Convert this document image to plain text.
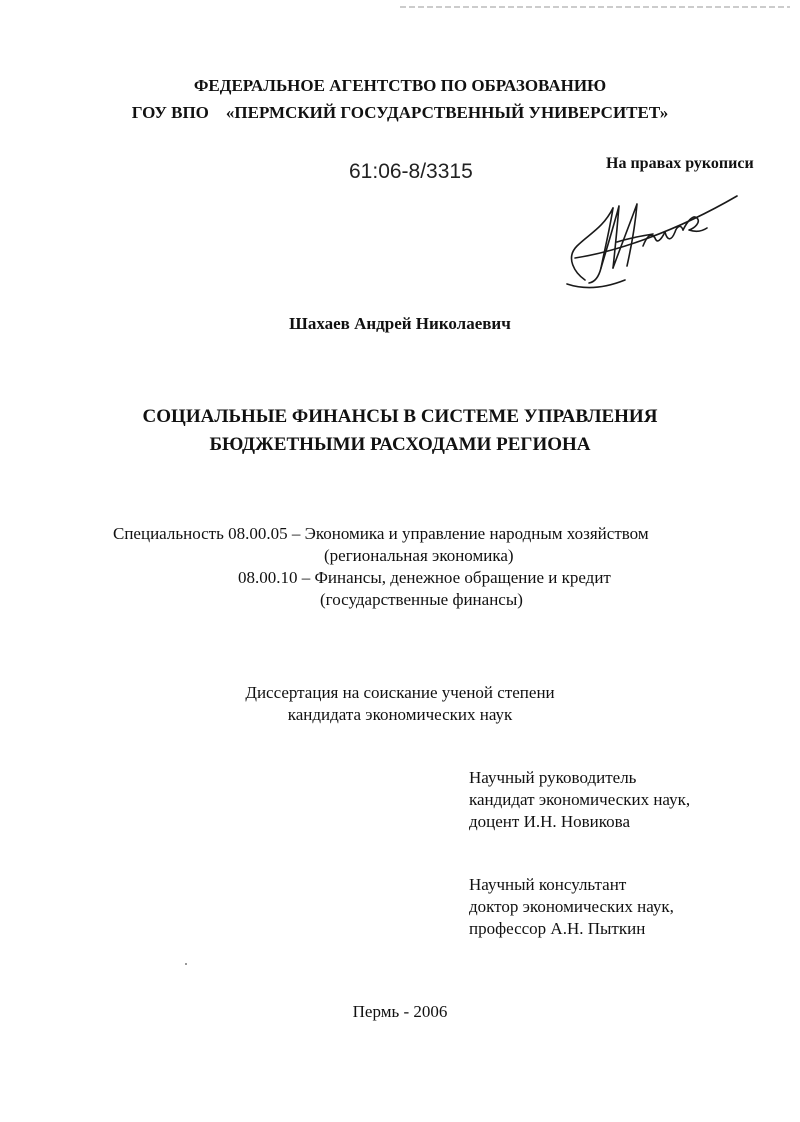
ФЕДЕРАЛЬНОЕ АГЕНТСТВО ПО ОБРАЗОВАНИЮ
ГОУ ВПО    «ПЕРМСКИЙ ГОСУДАРСТВЕННЫЙ УНИВЕРСИТЕТ»
61:06-8/3315	На правах рукописи
Шахаев Андрей Николаевич
СОЦИАЛЬНЫЕ ФИНАНСЫ В СИСТЕМЕ УПРАВЛЕНИЯ
БЮДЖЕТНЫМИ РАСХОДАМИ РЕГИОНА
Специальность 08.00.05 – Экономика и управление народным хозяйством
(региональная экономика)
08.00.10 – Финансы, денежное обращение и кредит
(государственные финансы)
Диссертация на соискание ученой степени
кандидата экономических наук
Научный руководитель
кандидат экономических наук,
доцент И.Н. Новикова
Научный консультант
доктор экономических наук,
профессор А.Н. Пыткин
Пермь - 2006
